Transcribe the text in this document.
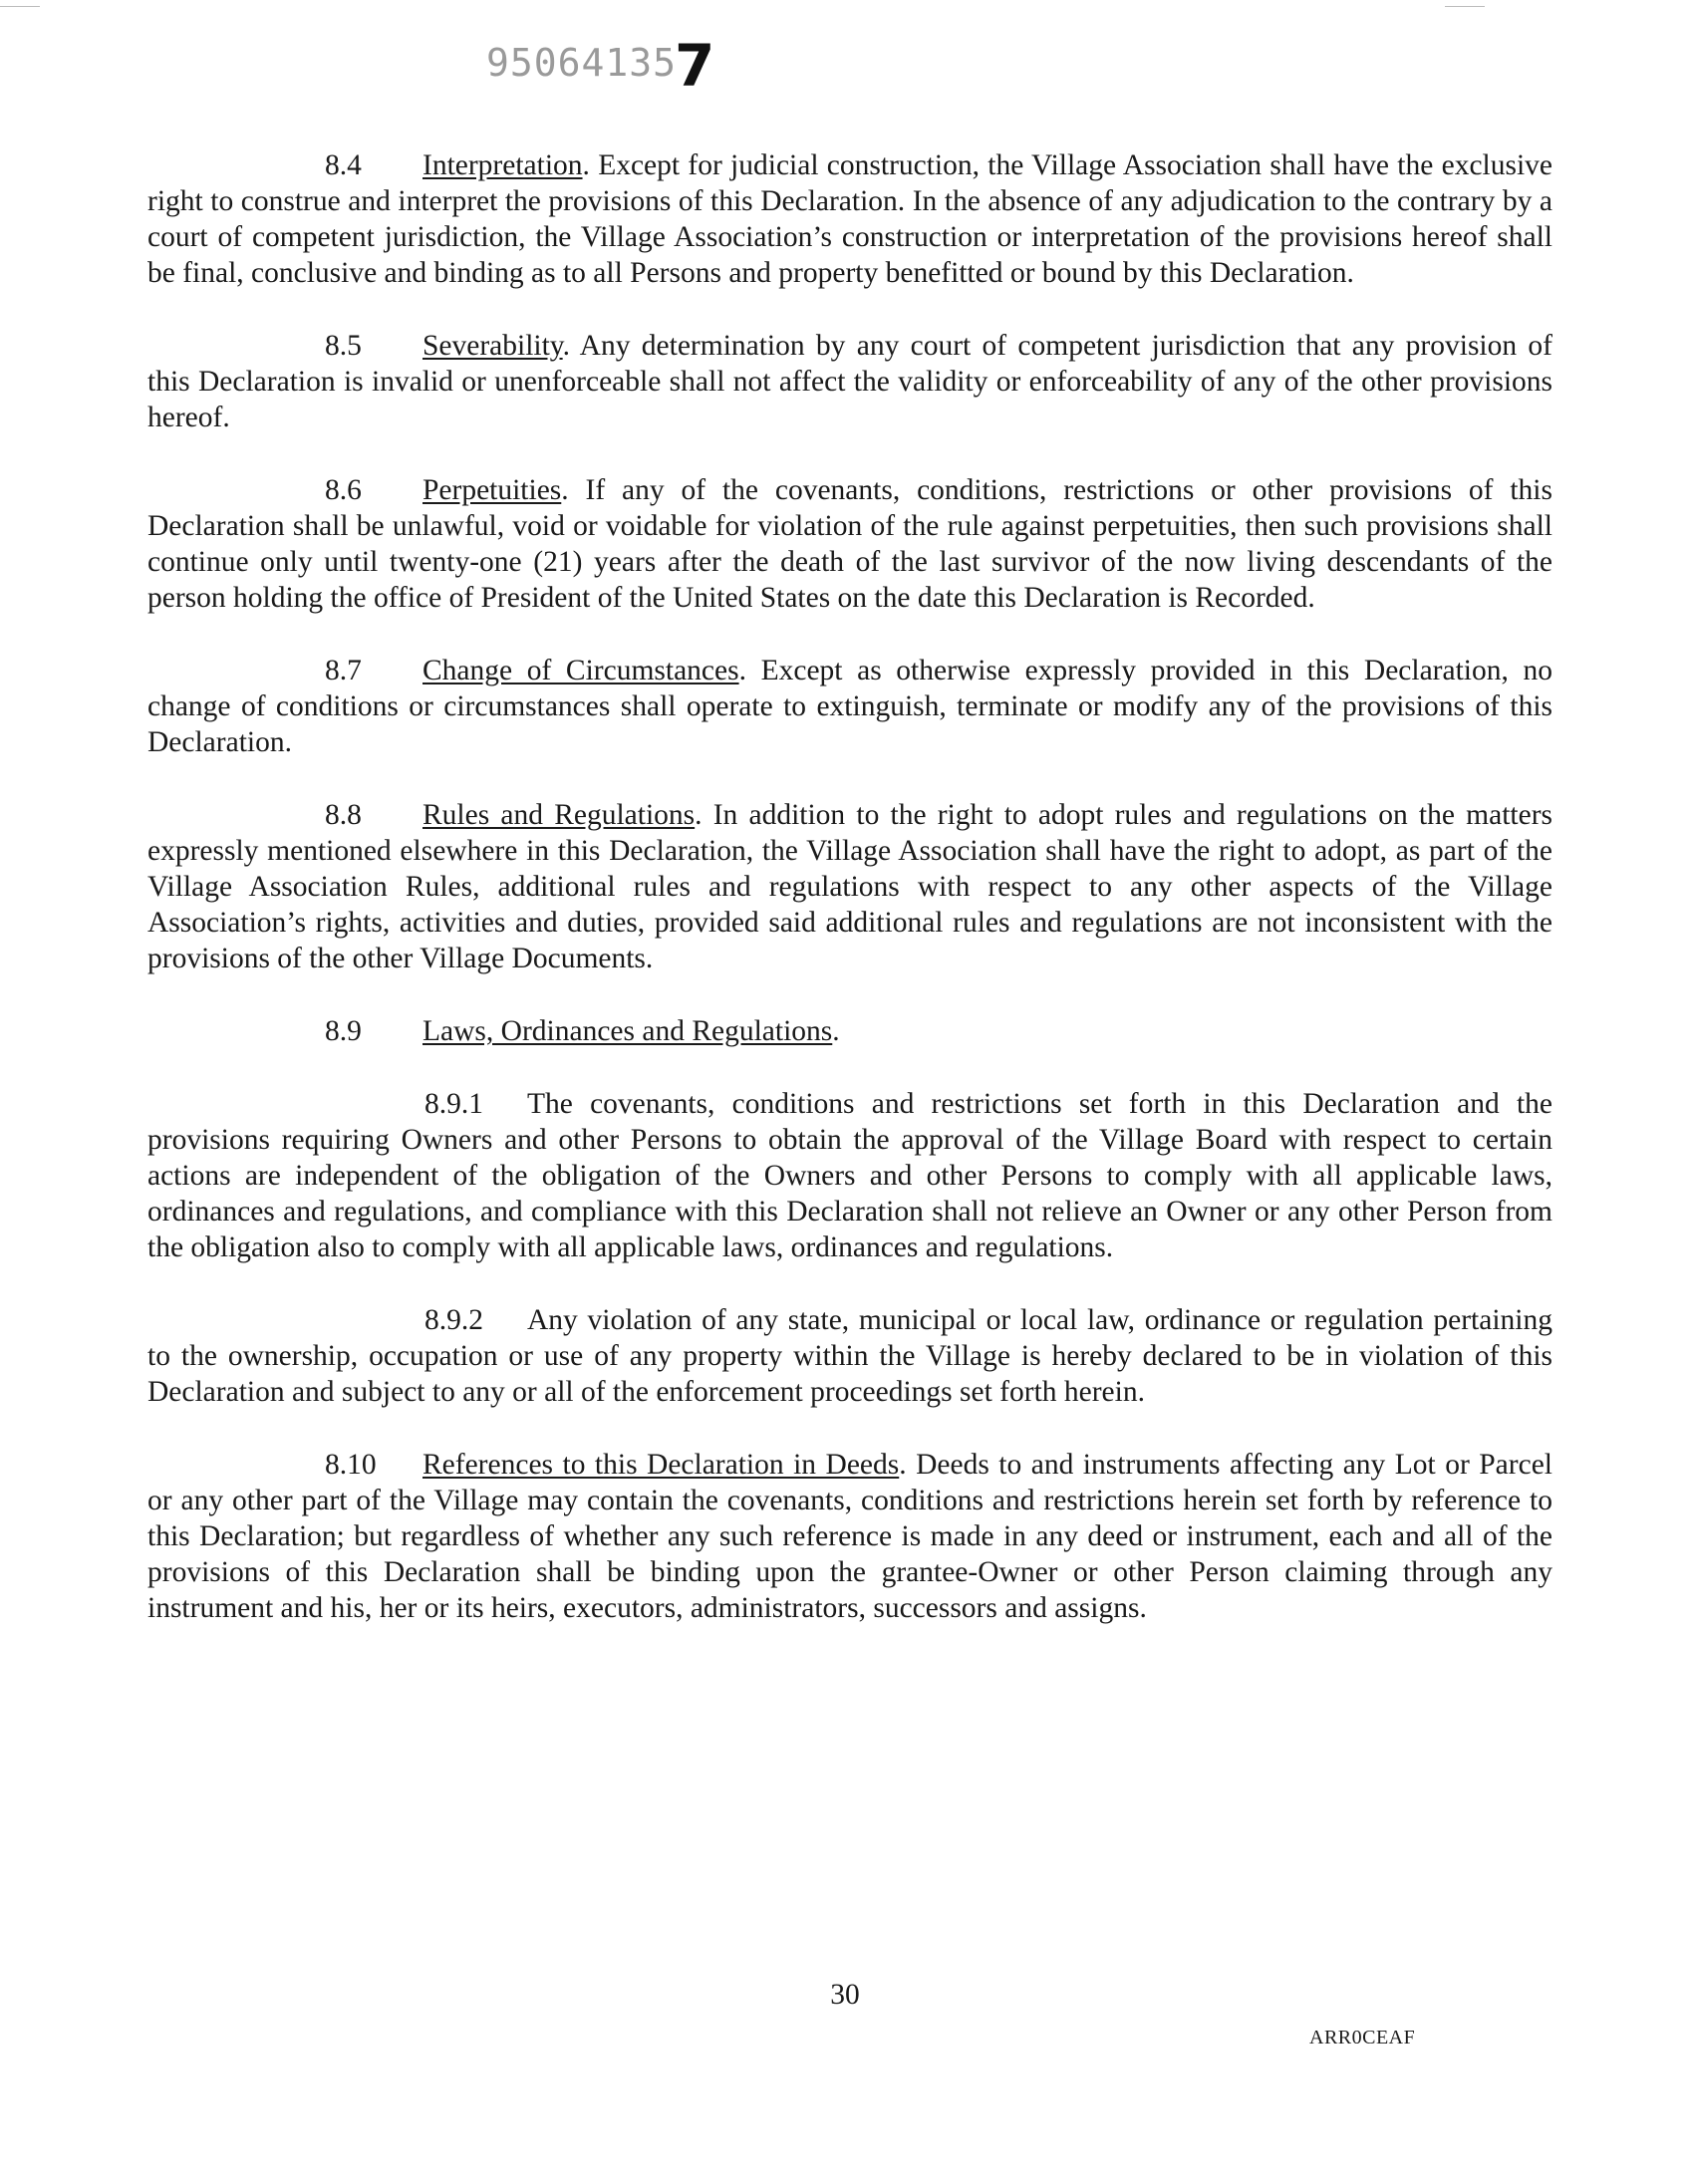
950641357

8.4 Interpretation. Except for judicial construction, the Village Association shall have the exclusive right to construe and interpret the provisions of this Declaration. In the absence of any adjudication to the contrary by a court of competent jurisdiction, the Village Association’s construction or interpretation of the provisions hereof shall be final, conclusive and binding as to all Persons and property benefitted or bound by this Declaration.

8.5 Severability. Any determination by any court of competent jurisdiction that any provision of this Declaration is invalid or unenforceable shall not affect the validity or enforceability of any of the other provisions hereof.

8.6 Perpetuities. If any of the covenants, conditions, restrictions or other provisions of this Declaration shall be unlawful, void or voidable for violation of the rule against perpetuities, then such provisions shall continue only until twenty-one (21) years after the death of the last survivor of the now living descendants of the person holding the office of President of the United States on the date this Declaration is Recorded.

8.7 Change of Circumstances. Except as otherwise expressly provided in this Declaration, no change of conditions or circumstances shall operate to extinguish, terminate or modify any of the provisions of this Declaration.

8.8 Rules and Regulations. In addition to the right to adopt rules and regulations on the matters expressly mentioned elsewhere in this Declaration, the Village Association shall have the right to adopt, as part of the Village Association Rules, additional rules and regulations with respect to any other aspects of the Village Association’s rights, activities and duties, provided said additional rules and regulations are not inconsistent with the provisions of the other Village Documents.

8.9 Laws, Ordinances and Regulations.

8.9.1 The covenants, conditions and restrictions set forth in this Declaration and the provisions requiring Owners and other Persons to obtain the approval of the Village Board with respect to certain actions are independent of the obligation of the Owners and other Persons to comply with all applicable laws, ordinances and regulations, and compliance with this Declaration shall not relieve an Owner or any other Person from the obligation also to comply with all applicable laws, ordinances and regulations.

8.9.2 Any violation of any state, municipal or local law, ordinance or regulation pertaining to the ownership, occupation or use of any property within the Village is hereby declared to be in violation of this Declaration and subject to any or all of the enforcement proceedings set forth herein.

8.10 References to this Declaration in Deeds. Deeds to and instruments affecting any Lot or Parcel or any other part of the Village may contain the covenants, conditions and restrictions herein set forth by reference to this Declaration; but regardless of whether any such reference is made in any deed or instrument, each and all of the provisions of this Declaration shall be binding upon the grantee-Owner or other Person claiming through any instrument and his, her or its heirs, executors, administrators, successors and assigns.

30
ARR0CEAF
